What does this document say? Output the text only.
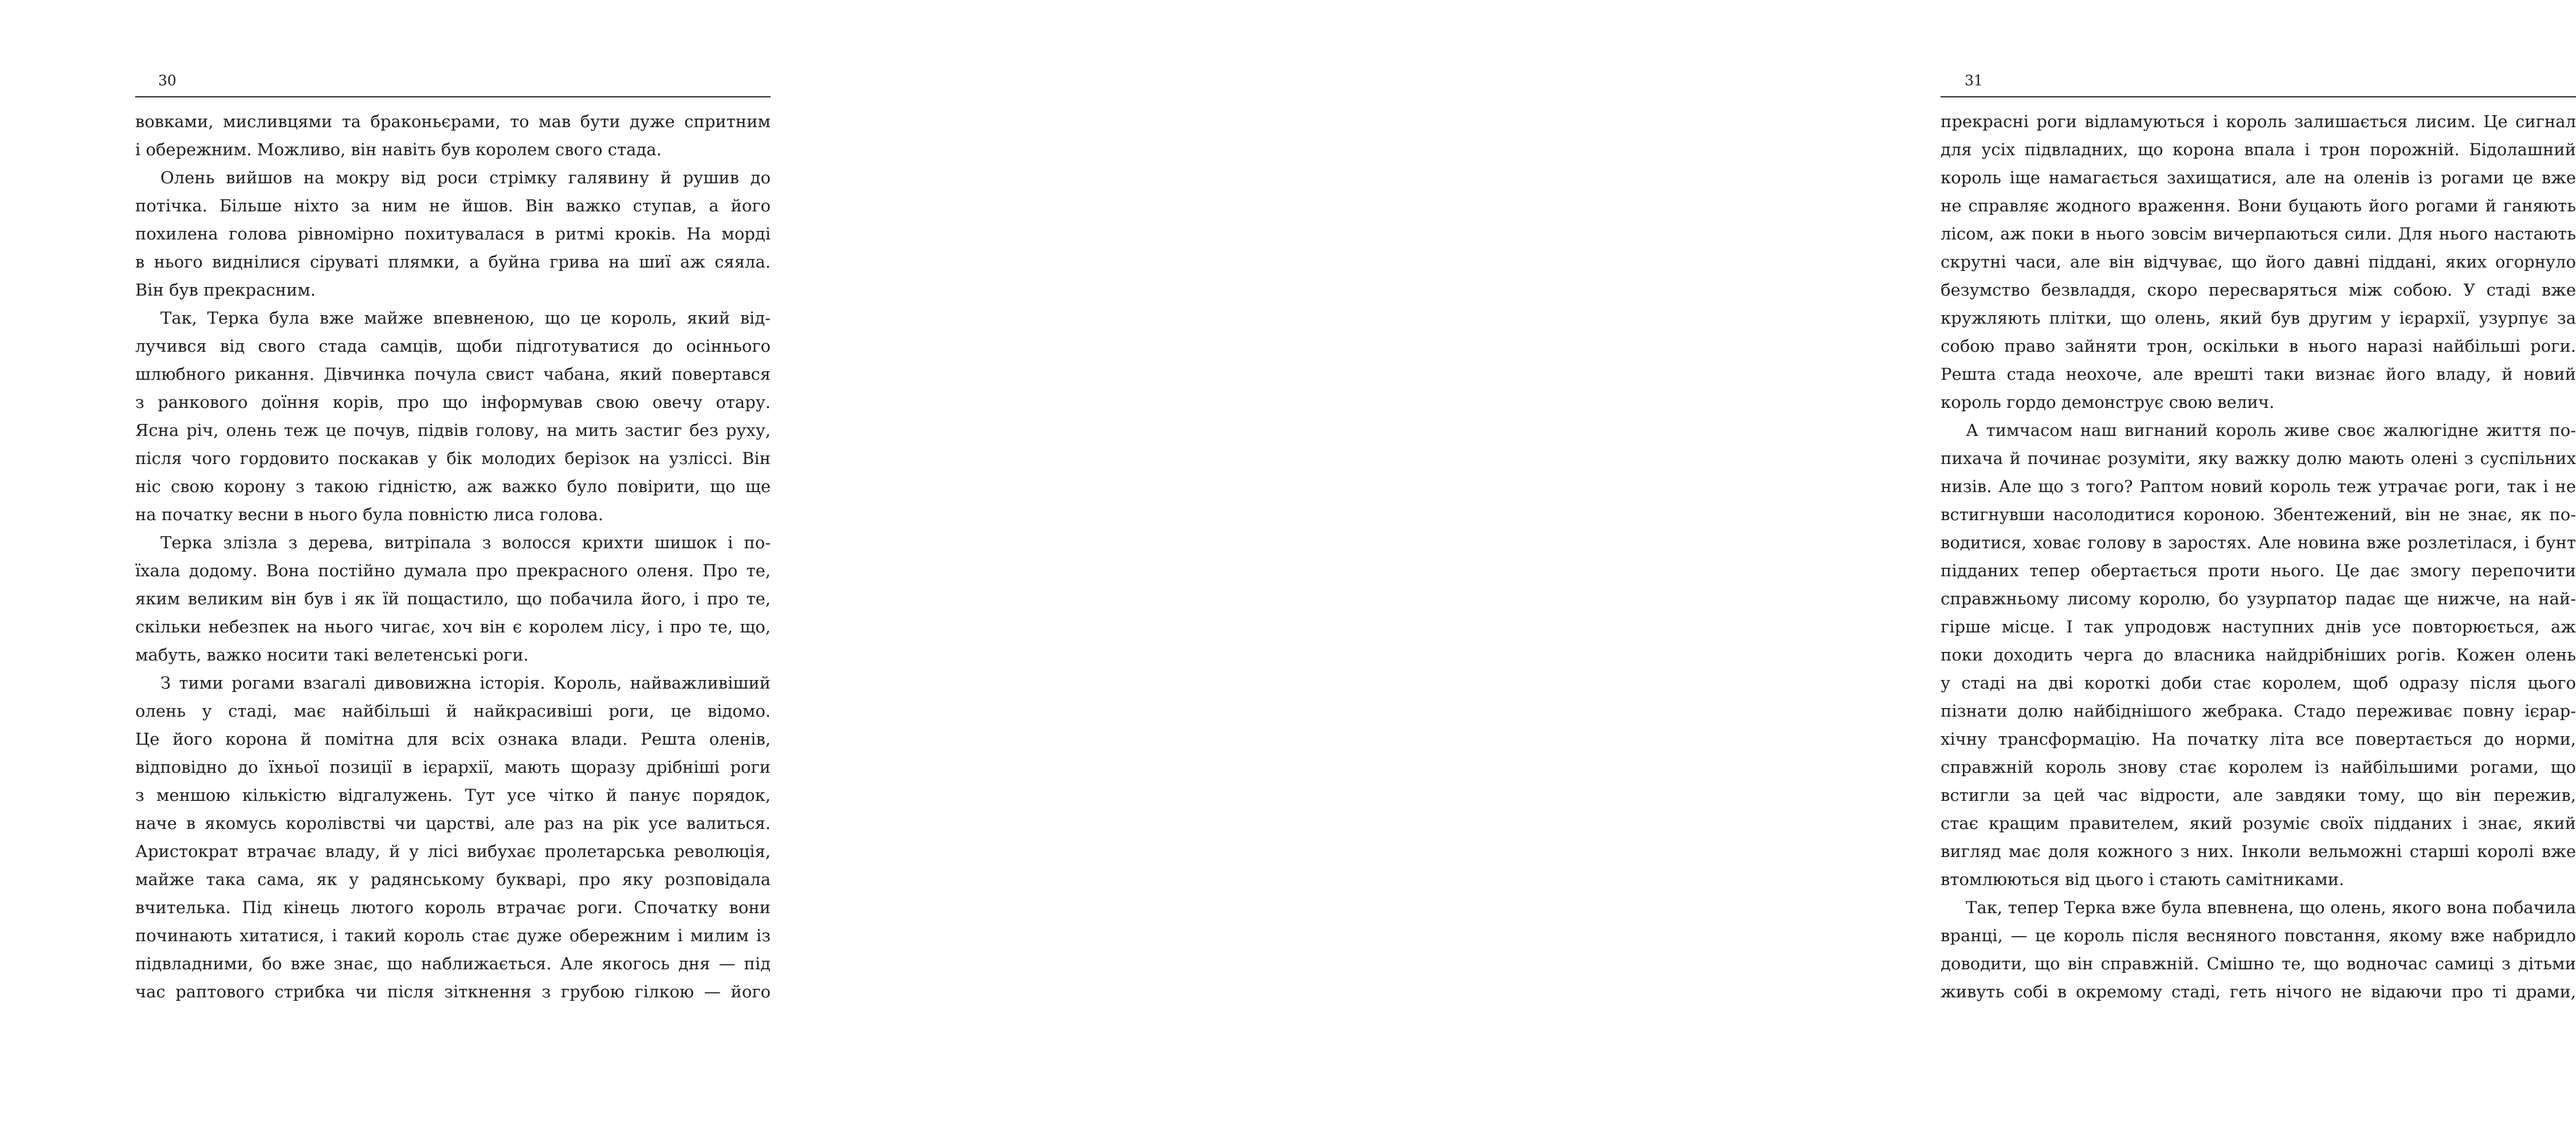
30
вовками, мисливцями та браконьєрами, то мав бути дуже спритним
і обережним. Можливо, він навіть був королем свого стада.
Олень вийшов на мокру від роси стрімку галявину й рушив до
потічка. Більше ніхто за ним не йшов. Він важко ступав, а його
похилена голова рівномірно похитувалася в ритмі кроків. На морді
в нього виднілися сіруваті плямки, а буйна грива на шиї аж сяяла.
Він був прекрасним.
Так, Терка була вже майже впевненою, що це король, який від-
лучився від свого стада самців, щоби підготуватися до осіннього
шлюбного рикання. Дівчинка почула свист чабана, який повертався
з ранкового доїння корів, про що інформував свою овечу отару.
Ясна річ, олень теж це почув, підвів голову, на мить застиг без руху,
після чого гордовито поскакав у бік молодих берізок на узліссі. Він
ніс свою корону з такою гідністю, аж важко було повірити, що ще
на початку весни в нього була повністю лиса голова.
Терка злізла з дерева, витріпала з волосся крихти шишок і по-
їхала додому. Вона постійно думала про прекрасного оленя. Про те,
яким великим він був і як їй пощастило, що побачила його, і про те,
скільки небезпек на нього чигає, хоч він є королем лісу, і про те, що,
мабуть, важко носити такі велетенські роги.
З тими рогами взагалі дивовижна історія. Король, найважливіший
олень у стаді, має найбільші й найкрасивіші роги, це відомо.
Це його корона й помітна для всіх ознака влади. Решта оленів,
відповідно до їхньої позиції в ієрархії, мають щоразу дрібніші роги
з меншою кількістю відгалужень. Тут усе чітко й панує порядок,
наче в якомусь королівстві чи царстві, але раз на рік усе валиться.
Аристократ втрачає владу, й у лісі вибухає пролетарська революція,
майже така сама, як у радянському букварі, про яку розповідала
вчителька. Під кінець лютого король втрачає роги. Спочатку вони
починають хитатися, і такий король стає дуже обережним і милим із
підвладними, бо вже знає, що наближається. Але якогось дня — під
час раптового стрибка чи після зіткнення з грубою гілкою — його
31
прекрасні роги відламуються і король залишається лисим. Це сигнал
для усіх підвладних, що корона впала і трон порожній. Бідолашний
король іще намагається захищатися, але на оленів із рогами це вже
не справляє жодного враження. Вони буцають його рогами й ганяють
лісом, аж поки в нього зовсім вичерпаються сили. Для нього настають
скрутні часи, але він відчуває, що його давні піддані, яких огорнуло
безумство безвладдя, скоро пересваряться між собою. У стаді вже
кружляють плітки, що олень, який був другим у ієрархії, узурпує за
собою право зайняти трон, оскільки в нього наразі найбільші роги.
Решта стада неохоче, але врешті таки визнає його владу, й новий
король гордо демонструє свою велич.
А тимчасом наш вигнаний король живе своє жалюгідне життя по-
пихача й починає розуміти, яку важку долю мають олені з суспільних
низів. Але що з того? Раптом новий король теж утрачає роги, так і не
встигнувши насолодитися короною. Збентежений, він не знає, як по-
водитися, ховає голову в заростях. Але новина вже розлетілася, і бунт
підданих тепер обертається проти нього. Це дає змогу перепочити
справжньому лисому королю, бо узурпатор падає ще нижче, на най-
гірше місце. І так упродовж наступних днів усе повторюється, аж
поки доходить черга до власника найдрібніших рогів. Кожен олень
у стаді на дві короткі доби стає королем, щоб одразу після цього
пізнати долю найбіднішого жебрака. Стадо переживає повну ієрар-
хічну трансформацію. На початку літа все повертається до норми,
справжній король знову стає королем із найбільшими рогами, що
встигли за цей час відрости, але завдяки тому, що він пережив,
стає кращим правителем, який розуміє своїх підданих і знає, який
вигляд має доля кожного з них. Інколи вельможні старші королі вже
втомлюються від цього і стають самітниками.
Так, тепер Терка вже була впевнена, що олень, якого вона побачила
вранці, — це король після весняного повстання, якому вже набридло
доводити, що він справжній. Смішно те, що водночас самиці з дітьми
живуть собі в окремому стаді, геть нічого не відаючи про ті драми,
